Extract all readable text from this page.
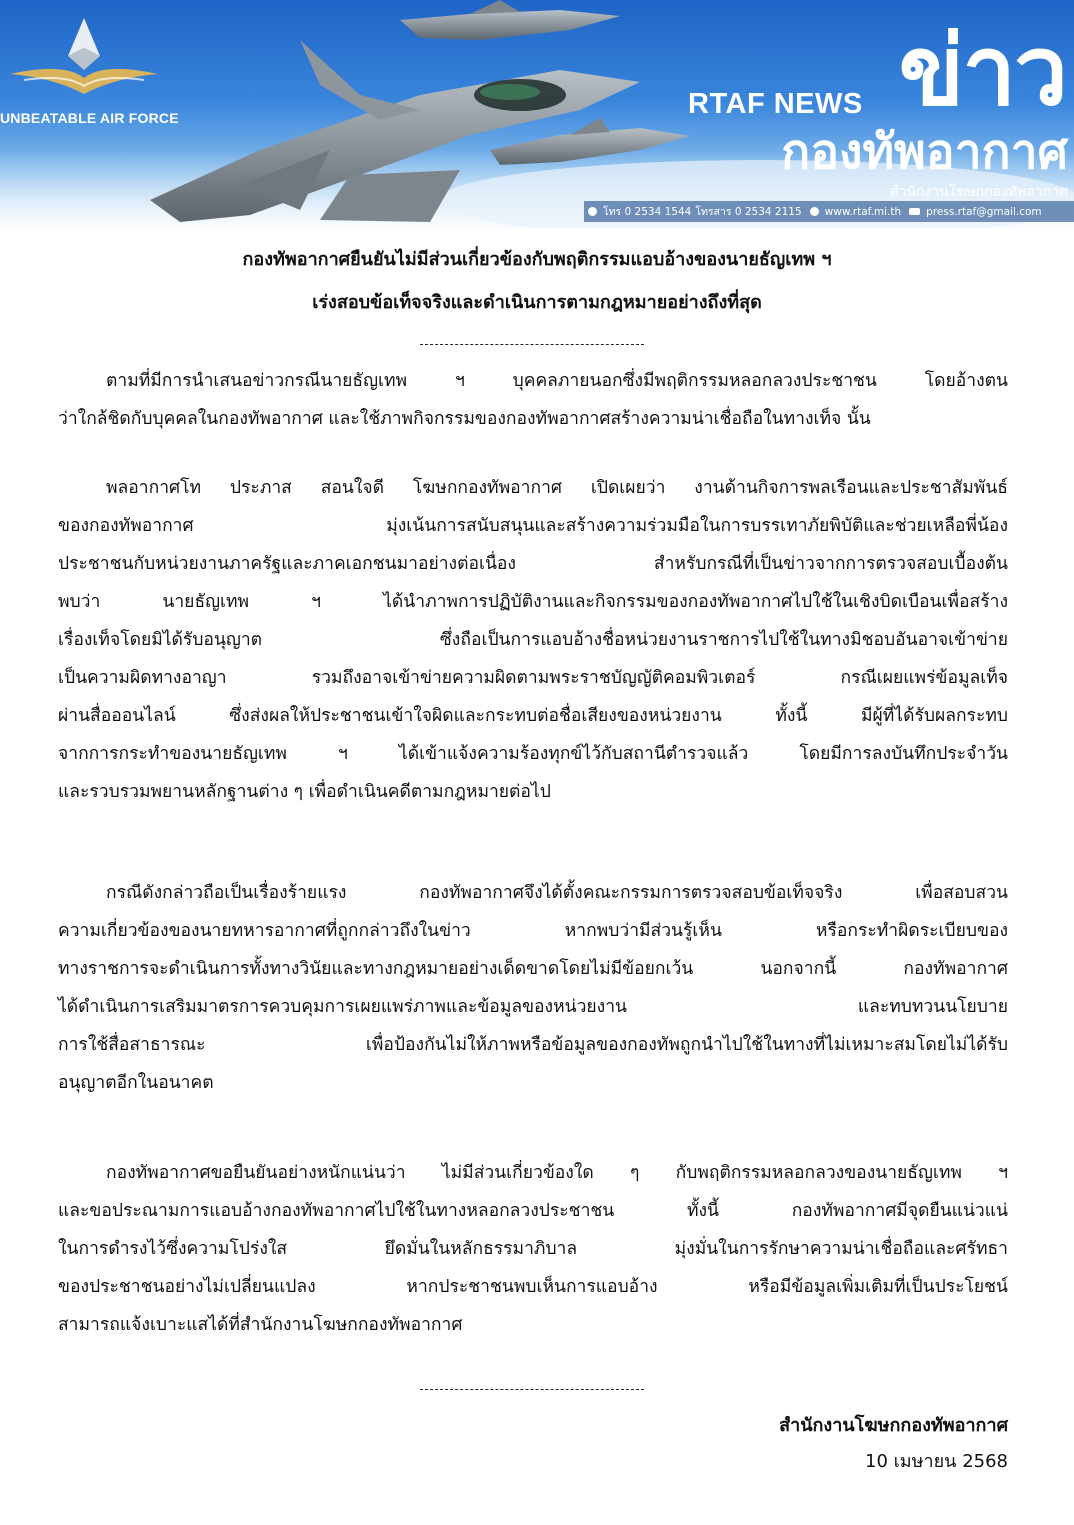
UNBEATABLE AIR FORCE	RTAF NEWS ข่าว
กองทัพอากาศ
สำนักงานโฆษกกองทัพอากาศ
โทร 0 2534 1544 โทรสาร 0 2534 2115 www.rtaf.mi.th press.rtaf@gmail.com
กองทัพอากาศยืนยันไม่มีส่วนเกี่ยวข้องกับพฤติกรรมแอบอ้างของนายธัญเทพ ฯ
เร่งสอบข้อเท็จจริงและดำเนินการตามกฎหมายอย่างถึงที่สุด
ตามที่มีการนำเสนอข่าวกรณีนายธัญเทพ ฯ บุคคลภายนอกซึ่งมีพฤติกรรมหลอกลวงประชาชน โดยอ้างตน
ว่าใกล้ชิดกับบุคคลในกองทัพอากาศ และใช้ภาพกิจกรรมของกองทัพอากาศสร้างความน่าเชื่อถือในทางเท็จ นั้น
พลอากาศโท ประภาส สอนใจดี โฆษกกองทัพอากาศ เปิดเผยว่า งานด้านกิจการพลเรือนและประชาสัมพันธ์
ของกองทัพอากาศ มุ่งเน้นการสนับสนุนและสร้างความร่วมมือในการบรรเทาภัยพิบัติและช่วยเหลือพี่น้อง
ประชาชนกับหน่วยงานภาครัฐและภาคเอกชนมาอย่างต่อเนื่อง สำหรับกรณีที่เป็นข่าวจากการตรวจสอบเบื้องต้น
พบว่า นายธัญเทพ ฯ ได้นำภาพการปฏิบัติงานและกิจกรรมของกองทัพอากาศไปใช้ในเชิงบิดเบือนเพื่อสร้าง
เรื่องเท็จโดยมิได้รับอนุญาต ซึ่งถือเป็นการแอบอ้างชื่อหน่วยงานราชการไปใช้ในทางมิชอบอันอาจเข้าข่าย
เป็นความผิดทางอาญา รวมถึงอาจเข้าข่ายความผิดตามพระราชบัญญัติคอมพิวเตอร์ กรณีเผยแพร่ข้อมูลเท็จ
ผ่านสื่อออนไลน์ ซึ่งส่งผลให้ประชาชนเข้าใจผิดและกระทบต่อชื่อเสียงของหน่วยงาน ทั้งนี้ มีผู้ที่ได้รับผลกระทบ
จากการกระทำของนายธัญเทพ ฯ ได้เข้าแจ้งความร้องทุกข์ไว้กับสถานีตำรวจแล้ว โดยมีการลงบันทึกประจำวัน
และรวบรวมพยานหลักฐานต่าง ๆ เพื่อดำเนินคดีตามกฎหมายต่อไป
กรณีดังกล่าวถือเป็นเรื่องร้ายแรง กองทัพอากาศจึงได้ตั้งคณะกรรมการตรวจสอบข้อเท็จจริง เพื่อสอบสวน
ความเกี่ยวข้องของนายทหารอากาศที่ถูกกล่าวถึงในข่าว หากพบว่ามีส่วนรู้เห็น หรือกระทำผิดระเบียบของ
ทางราชการจะดำเนินการทั้งทางวินัยและทางกฎหมายอย่างเด็ดขาดโดยไม่มีข้อยกเว้น นอกจากนี้ กองทัพอากาศ
ได้ดำเนินการเสริมมาตรการควบคุมการเผยแพร่ภาพและข้อมูลของหน่วยงาน และทบทวนนโยบาย
การใช้สื่อสาธารณะ เพื่อป้องกันไม่ให้ภาพหรือข้อมูลของกองทัพถูกนำไปใช้ในทางที่ไม่เหมาะสมโดยไม่ได้รับ
อนุญาตอีกในอนาคต
กองทัพอากาศขอยืนยันอย่างหนักแน่นว่า ไม่มีส่วนเกี่ยวข้องใด ๆ กับพฤติกรรมหลอกลวงของนายธัญเทพ ฯ
และขอประณามการแอบอ้างกองทัพอากาศไปใช้ในทางหลอกลวงประชาชน ทั้งนี้ กองทัพอากาศมีจุดยืนแน่วแน่
ในการดำรงไว้ซึ่งความโปร่งใส ยึดมั่นในหลักธรรมาภิบาล มุ่งมั่นในการรักษาความน่าเชื่อถือและศรัทธา
ของประชาชนอย่างไม่เปลี่ยนแปลง หากประชาชนพบเห็นการแอบอ้าง หรือมีข้อมูลเพิ่มเติมที่เป็นประโยชน์
สามารถแจ้งเบาะแสได้ที่สำนักงานโฆษกกองทัพอากาศ
สำนักงานโฆษกกองทัพอากาศ
10 เมษายน 2568
